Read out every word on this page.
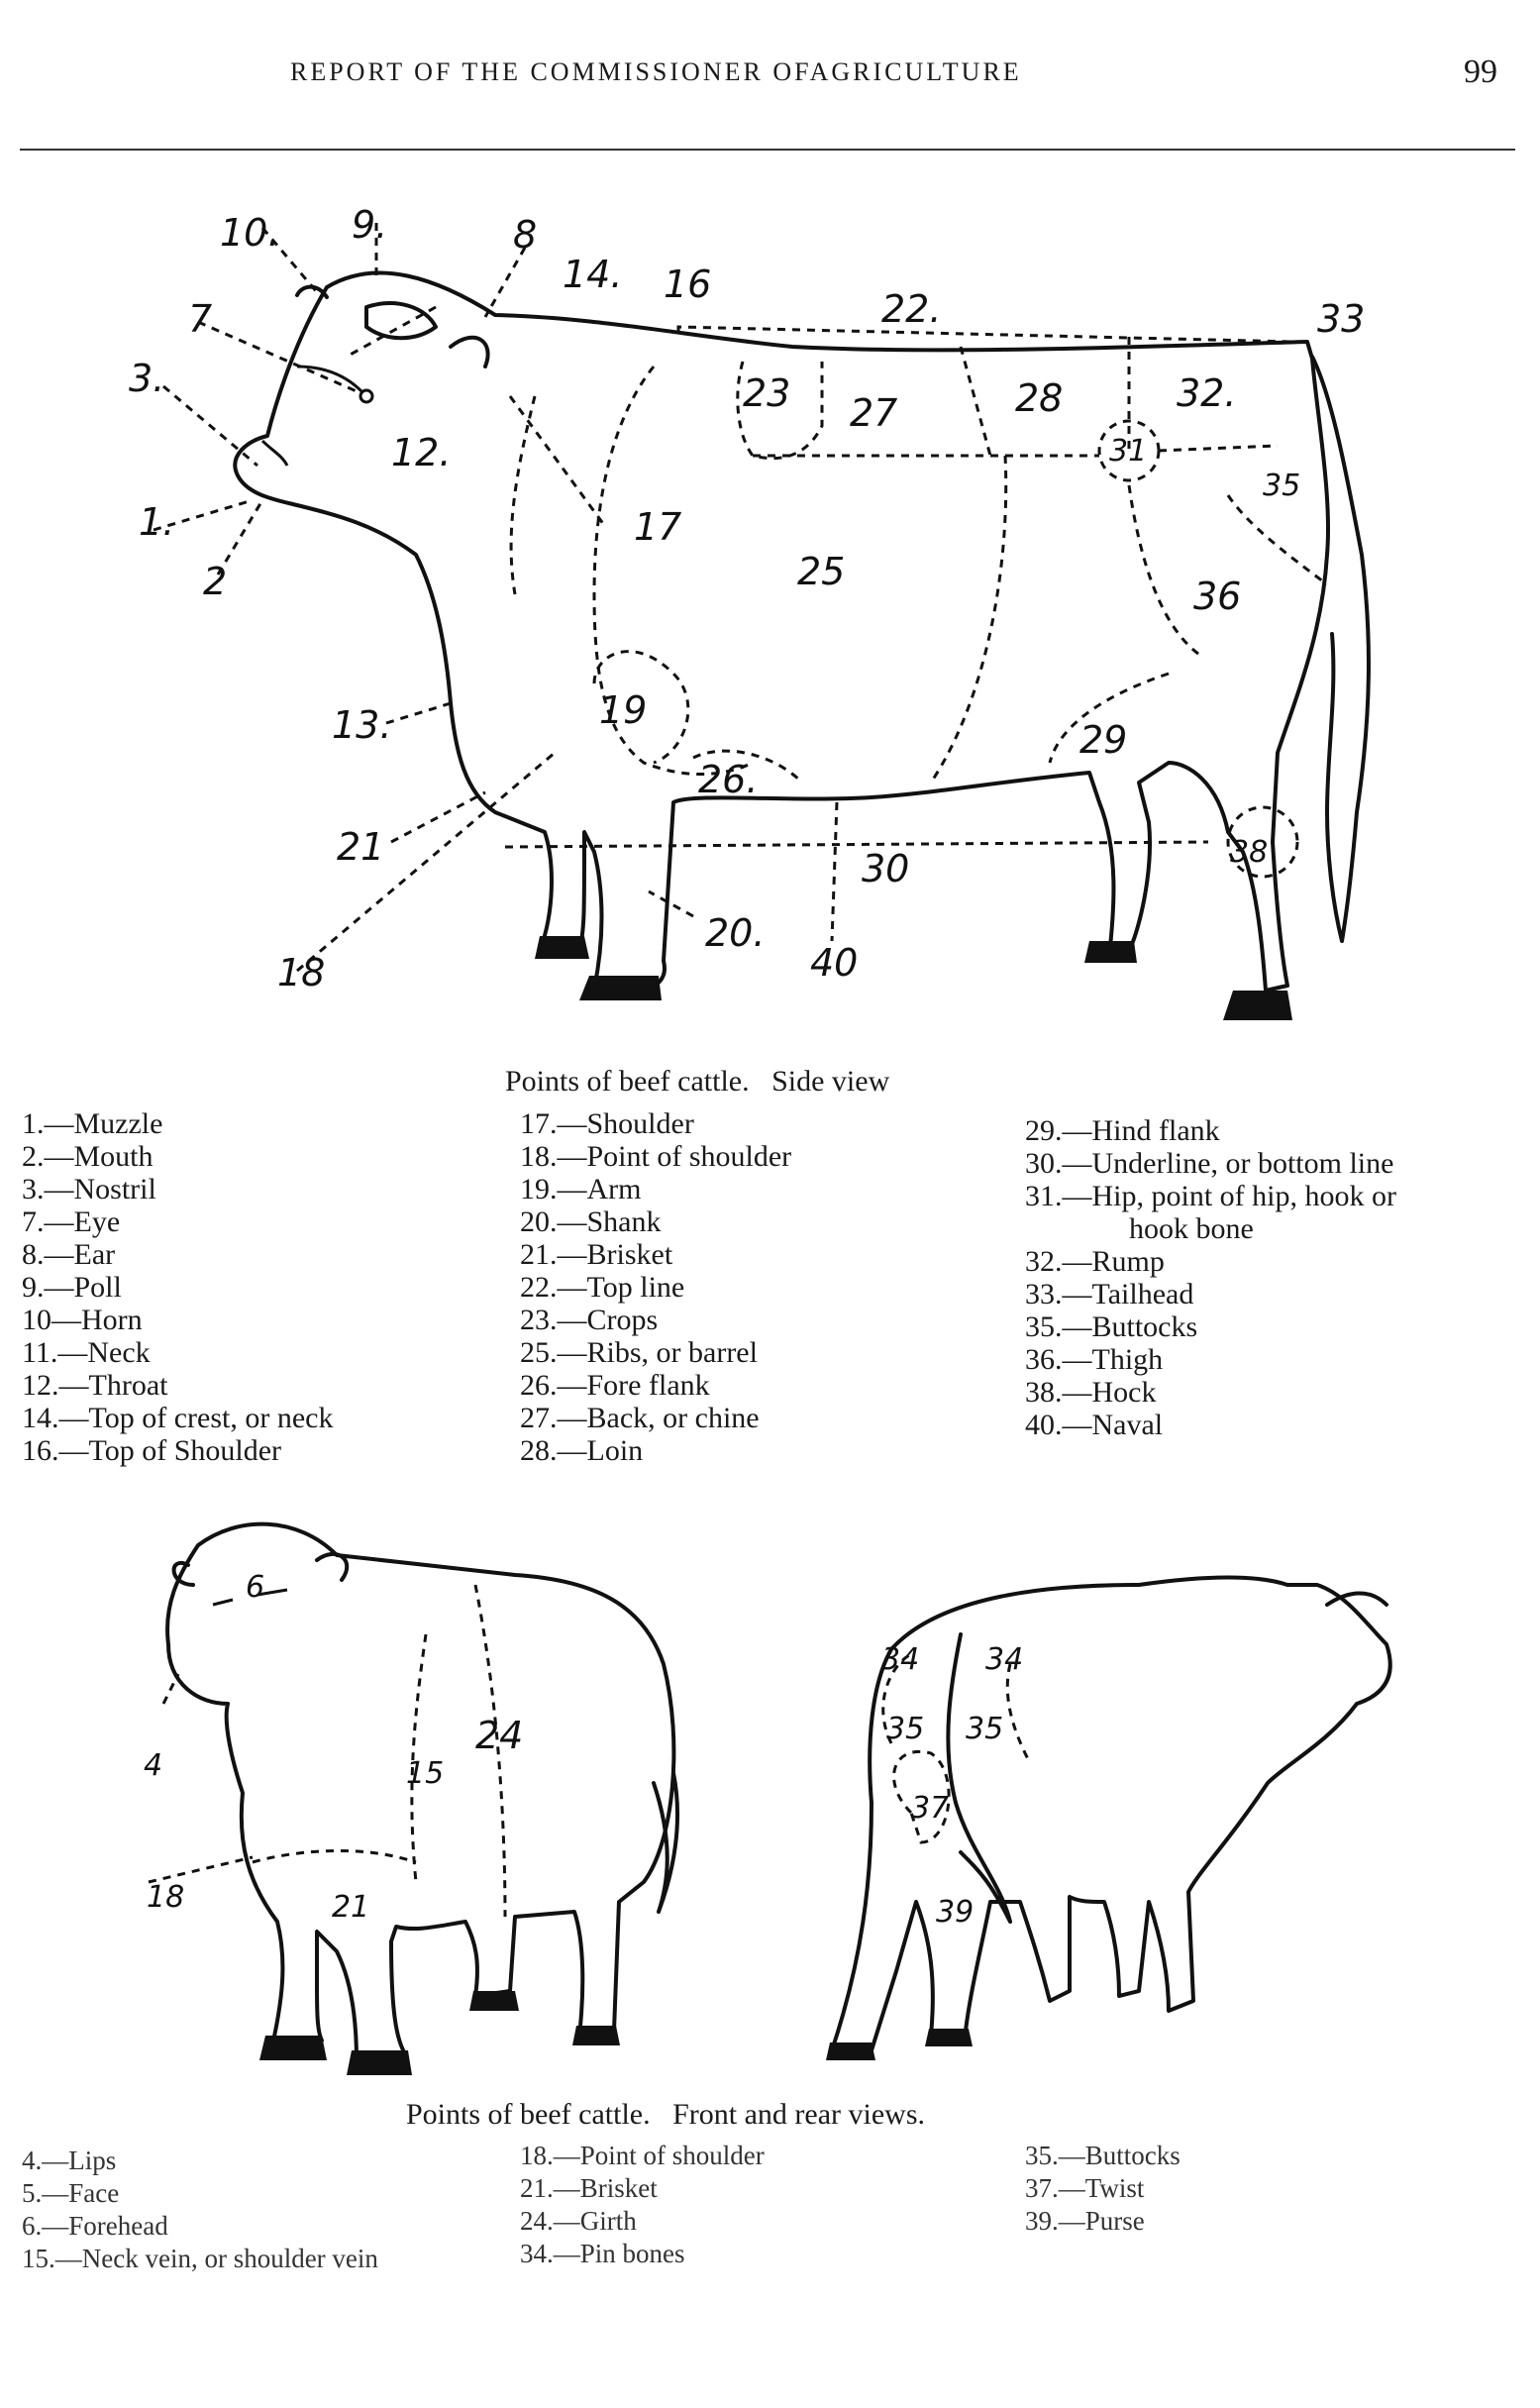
REPORT OF THE COMMISSIONER OFAGRICULTURE	99
10. 9.	8
14. 16
22.	33
7
3.
1.
2
12.
17
23 27	28
31
32.
35
25
36
13.	19
26.
29
21	30	38
18
20.
40
Points of beef cattle.   Side view
1.—Muzzle
2.—Mouth
3.—Nostril
7.—Eye
8.—Ear
9.—Poll
10—Horn
11.—Neck
12.—Throat
14.—Top of crest, or neck
16.—Top of Shoulder
17.—Shoulder
18.—Point of shoulder
19.—Arm
20.—Shank
21.—Brisket
22.—Top line
23.—Crops
25.—Ribs, or barrel
26.—Fore flank
27.—Back, or chine
28.—Loin
29.—Hind flank
30.—Underline, or bottom line
31.—Hip, point of hip, hook or
hook bone
32.—Rump
33.—Tailhead
35.—Buttocks
36.—Thigh
38.—Hock
40.—Naval
6
4	15
24
18	21
34 34
35 35
37
39
Points of beef cattle.   Front and rear views.
4.—Lips
5.—Face
6.—Forehead
15.—Neck vein, or shoulder vein
18.—Point of shoulder
21.—Brisket
24.—Girth
34.—Pin bones
35.—Buttocks
37.—Twist
39.—Purse
